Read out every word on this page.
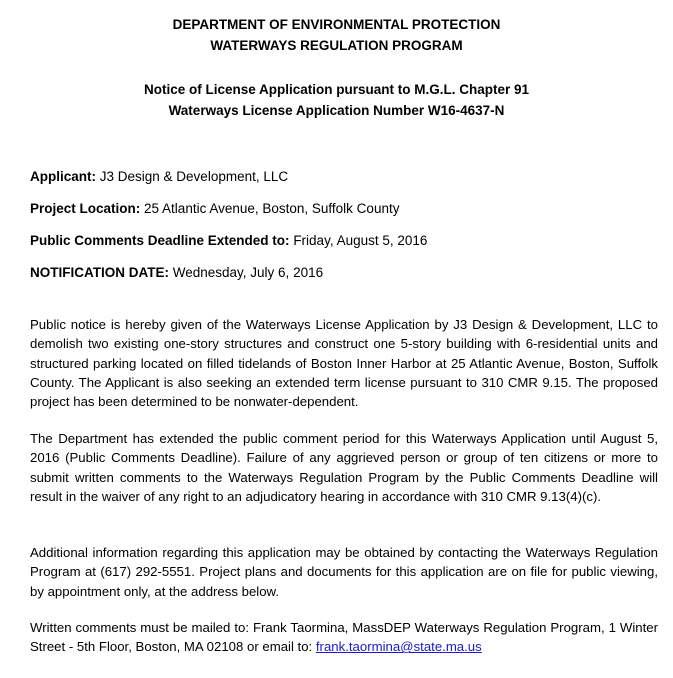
DEPARTMENT OF ENVIRONMENTAL PROTECTION
WATERWAYS REGULATION PROGRAM
Notice of License Application pursuant to M.G.L. Chapter 91
Waterways License Application Number W16-4637-N
Applicant: J3 Design & Development, LLC
Project Location: 25 Atlantic Avenue, Boston, Suffolk County
Public Comments Deadline Extended to: Friday, August 5, 2016
NOTIFICATION DATE: Wednesday, July 6, 2016

Public notice is hereby given of the Waterways License Application by J3 Design & Development, LLC to demolish two existing one-story structures and construct one 5-story building with 6-residential units and structured parking located on filled tidelands of Boston Inner Harbor at 25 Atlantic Avenue, Boston, Suffolk County. The Applicant is also seeking an extended term license pursuant to 310 CMR 9.15. The proposed project has been determined to be nonwater-dependent.

The Department has extended the public comment period for this Waterways Application until August 5, 2016 (Public Comments Deadline). Failure of any aggrieved person or group of ten citizens or more to submit written comments to the Waterways Regulation Program by the Public Comments Deadline will result in the waiver of any right to an adjudicatory hearing in accordance with 310 CMR 9.13(4)(c).

Additional information regarding this application may be obtained by contacting the Waterways Regulation Program at (617) 292-5551. Project plans and documents for this application are on file for public viewing, by appointment only, at the address below.

Written comments must be mailed to: Frank Taormina, MassDEP Waterways Regulation Program, 1 Winter Street - 5th Floor, Boston, MA 02108 or email to: frank.taormina@state.ma.us
